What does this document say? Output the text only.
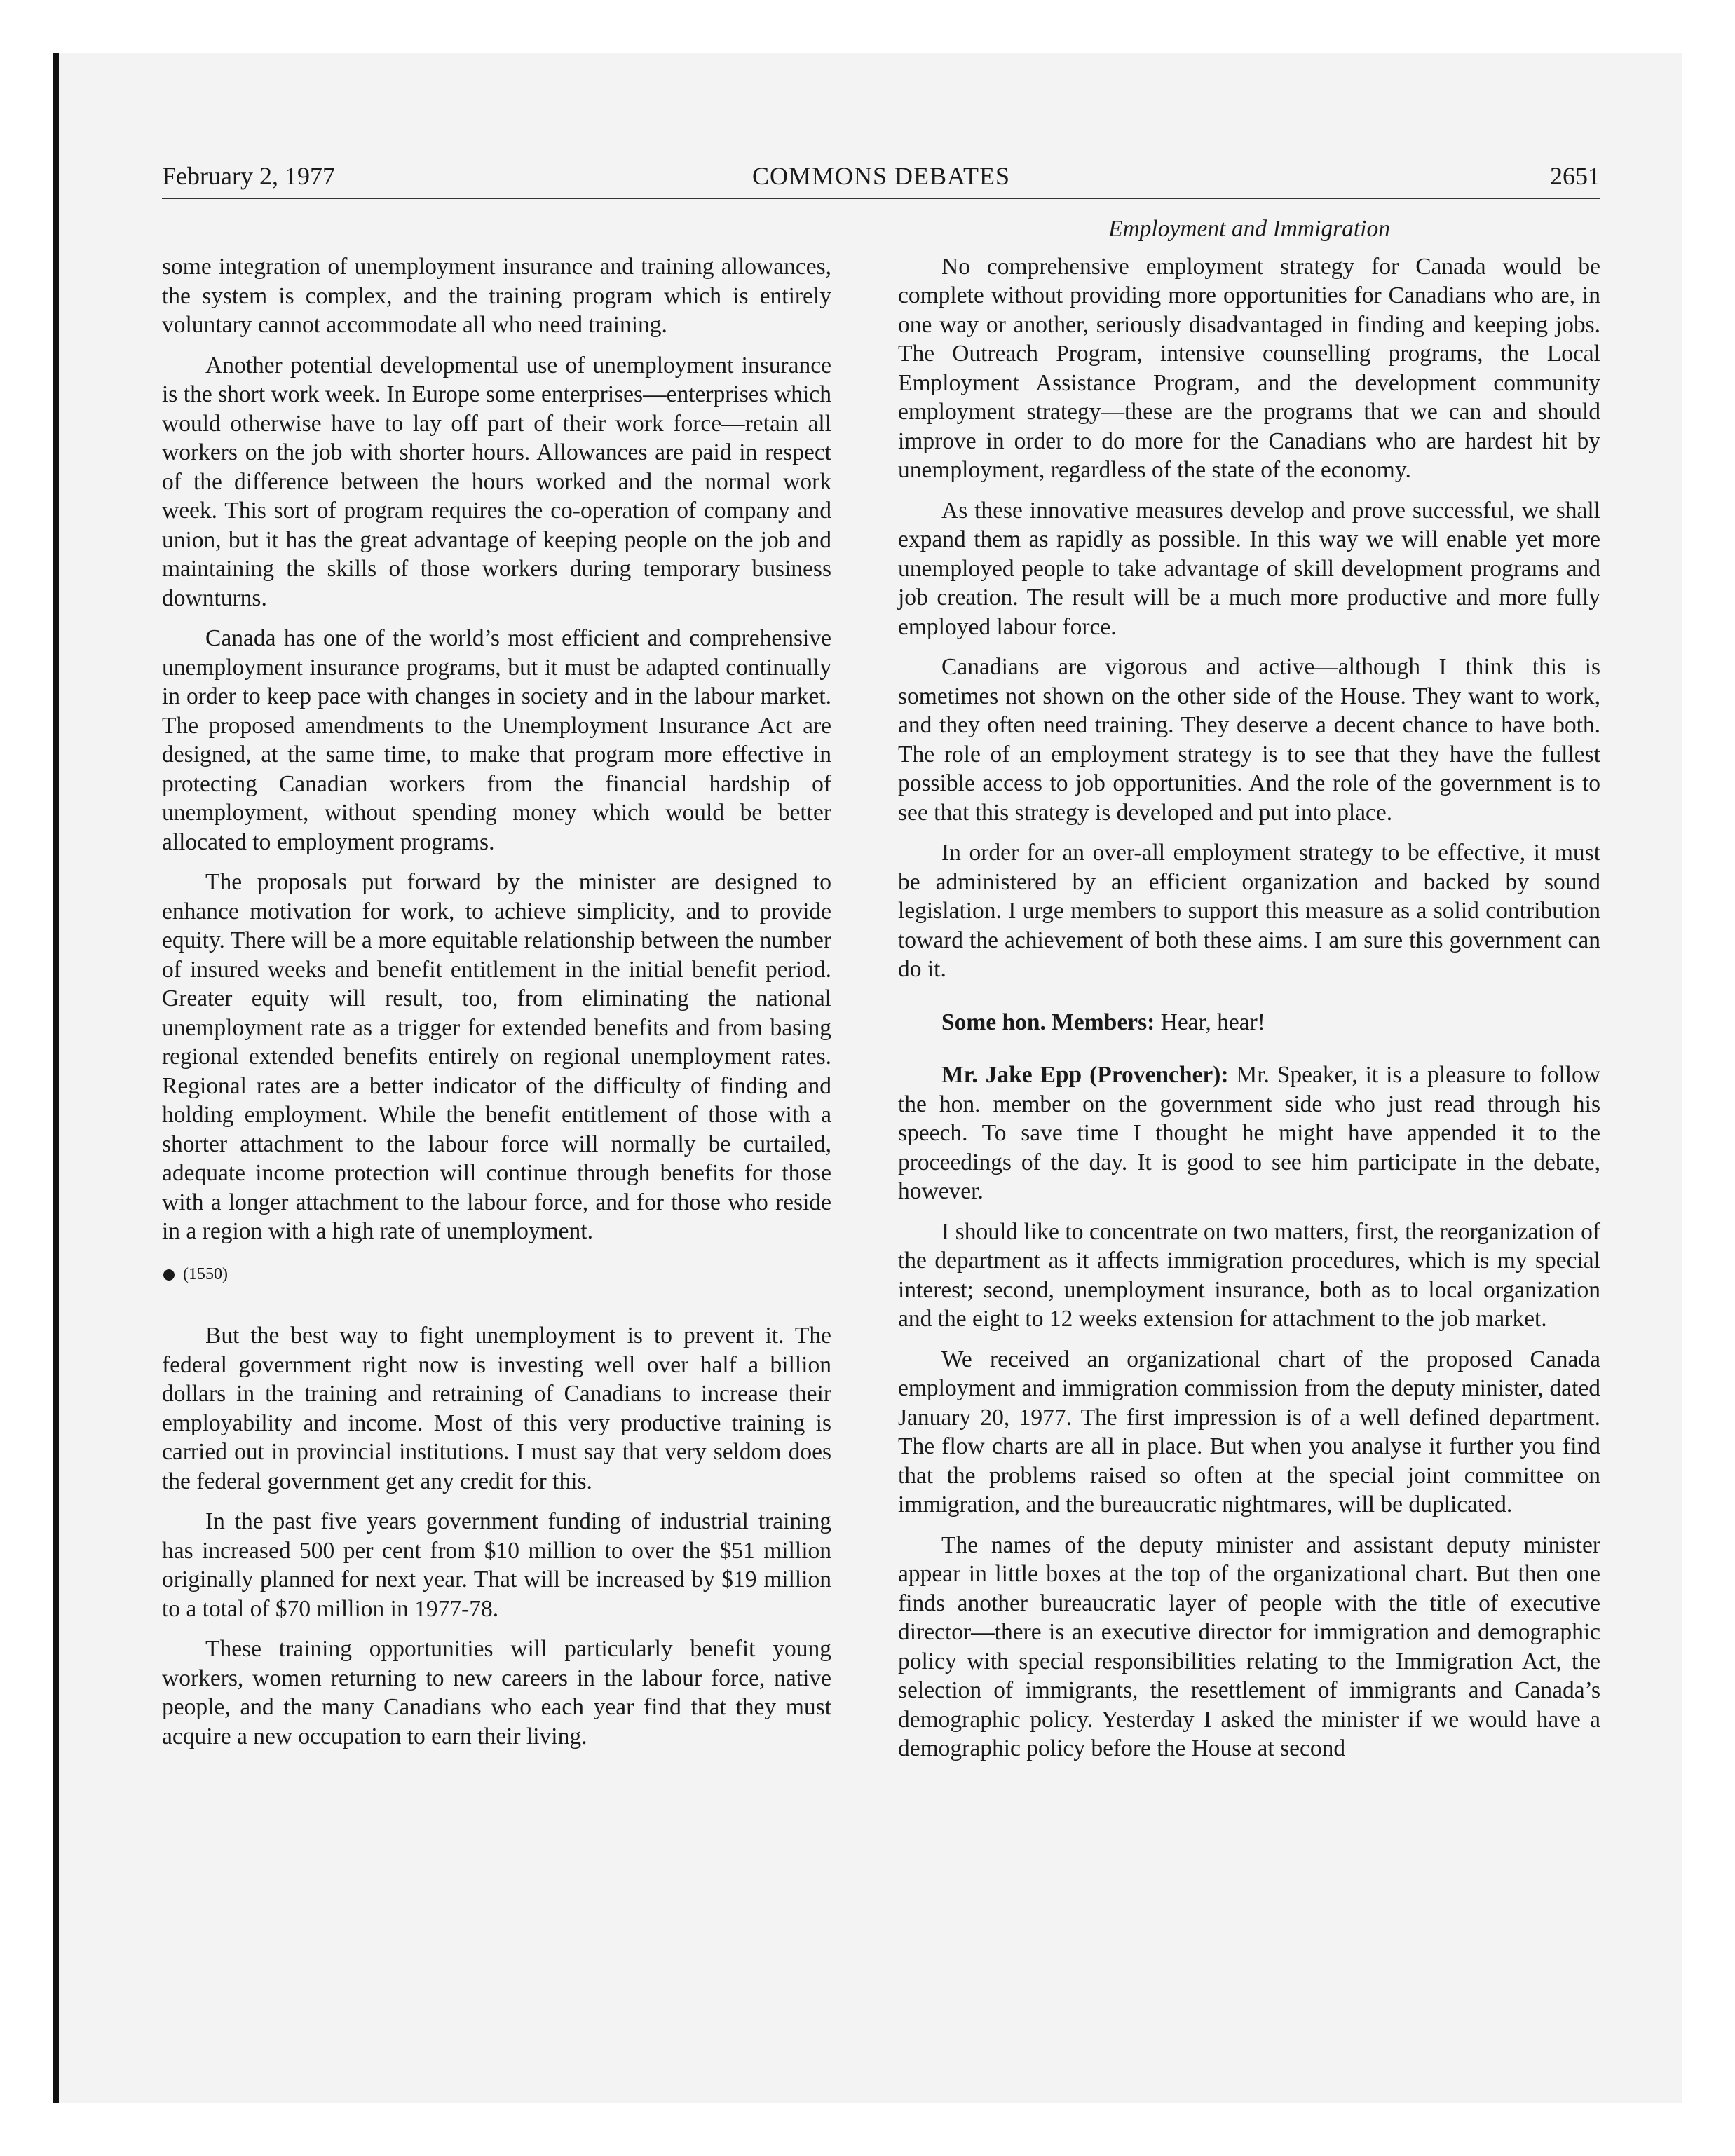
February 2, 1977	COMMONS DEBATES	2651

some integration of unemployment insurance and training allowances, the system is complex, and the training program which is entirely voluntary cannot accommodate all who need training.

Another potential developmental use of unemployment insurance is the short work week. In Europe some enterprises—enterprises which would otherwise have to lay off part of their work force—retain all workers on the job with shorter hours. Allowances are paid in respect of the difference between the hours worked and the normal work week. This sort of program requires the co-operation of company and union, but it has the great advantage of keeping people on the job and maintaining the skills of those workers during temporary business downturns.

Canada has one of the world’s most efficient and comprehensive unemployment insurance programs, but it must be adapted continually in order to keep pace with changes in society and in the labour market. The proposed amendments to the Unemployment Insurance Act are designed, at the same time, to make that program more effective in protecting Canadian workers from the financial hardship of unemployment, without spending money which would be better allocated to employment programs.

The proposals put forward by the minister are designed to enhance motivation for work, to achieve simplicity, and to provide equity. There will be a more equitable relationship between the number of insured weeks and benefit entitlement in the initial benefit period. Greater equity will result, too, from eliminating the national unemployment rate as a trigger for extended benefits and from basing regional extended benefits entirely on regional unemployment rates. Regional rates are a better indicator of the difficulty of finding and holding employment. While the benefit entitlement of those with a shorter attachment to the labour force will normally be curtailed, adequate income protection will continue through benefits for those with a longer attachment to the labour force, and for those who reside in a region with a high rate of unemployment.

(1550)

But the best way to fight unemployment is to prevent it. The federal government right now is investing well over half a billion dollars in the training and retraining of Canadians to increase their employability and income. Most of this very productive training is carried out in provincial institutions. I must say that very seldom does the federal government get any credit for this.

In the past five years government funding of industrial training has increased 500 per cent from $10 million to over the $51 million originally planned for next year. That will be increased by $19 million to a total of $70 million in 1977-78.

These training opportunities will particularly benefit young workers, women returning to new careers in the labour force, native people, and the many Canadians who each year find that they must acquire a new occupation to earn their living.

Employment and Immigration

No comprehensive employment strategy for Canada would be complete without providing more opportunities for Canadians who are, in one way or another, seriously disadvantaged in finding and keeping jobs. The Outreach Program, intensive counselling programs, the Local Employment Assistance Program, and the development community employment strategy—these are the programs that we can and should improve in order to do more for the Canadians who are hardest hit by unemployment, regardless of the state of the economy.

As these innovative measures develop and prove successful, we shall expand them as rapidly as possible. In this way we will enable yet more unemployed people to take advantage of skill development programs and job creation. The result will be a much more productive and more fully employed labour force.

Canadians are vigorous and active—although I think this is sometimes not shown on the other side of the House. They want to work, and they often need training. They deserve a decent chance to have both. The role of an employment strategy is to see that they have the fullest possible access to job opportunities. And the role of the government is to see that this strategy is developed and put into place.

In order for an over-all employment strategy to be effective, it must be administered by an efficient organization and backed by sound legislation. I urge members to support this measure as a solid contribution toward the achievement of both these aims. I am sure this government can do it.

Some hon. Members: Hear, hear!

Mr. Jake Epp (Provencher): Mr. Speaker, it is a pleasure to follow the hon. member on the government side who just read through his speech. To save time I thought he might have appended it to the proceedings of the day. It is good to see him participate in the debate, however.

I should like to concentrate on two matters, first, the reorganization of the department as it affects immigration procedures, which is my special interest; second, unemployment insurance, both as to local organization and the eight to 12 weeks extension for attachment to the job market.

We received an organizational chart of the proposed Canada employment and immigration commission from the deputy minister, dated January 20, 1977. The first impression is of a well defined department. The flow charts are all in place. But when you analyse it further you find that the problems raised so often at the special joint committee on immigration, and the bureaucratic nightmares, will be duplicated.

The names of the deputy minister and assistant deputy minister appear in little boxes at the top of the organizational chart. But then one finds another bureaucratic layer of people with the title of executive director—there is an executive director for immigration and demographic policy with special responsibilities relating to the Immigration Act, the selection of immigrants, the resettlement of immigrants and Canada’s demographic policy. Yesterday I asked the minister if we would have a demographic policy before the House at second
